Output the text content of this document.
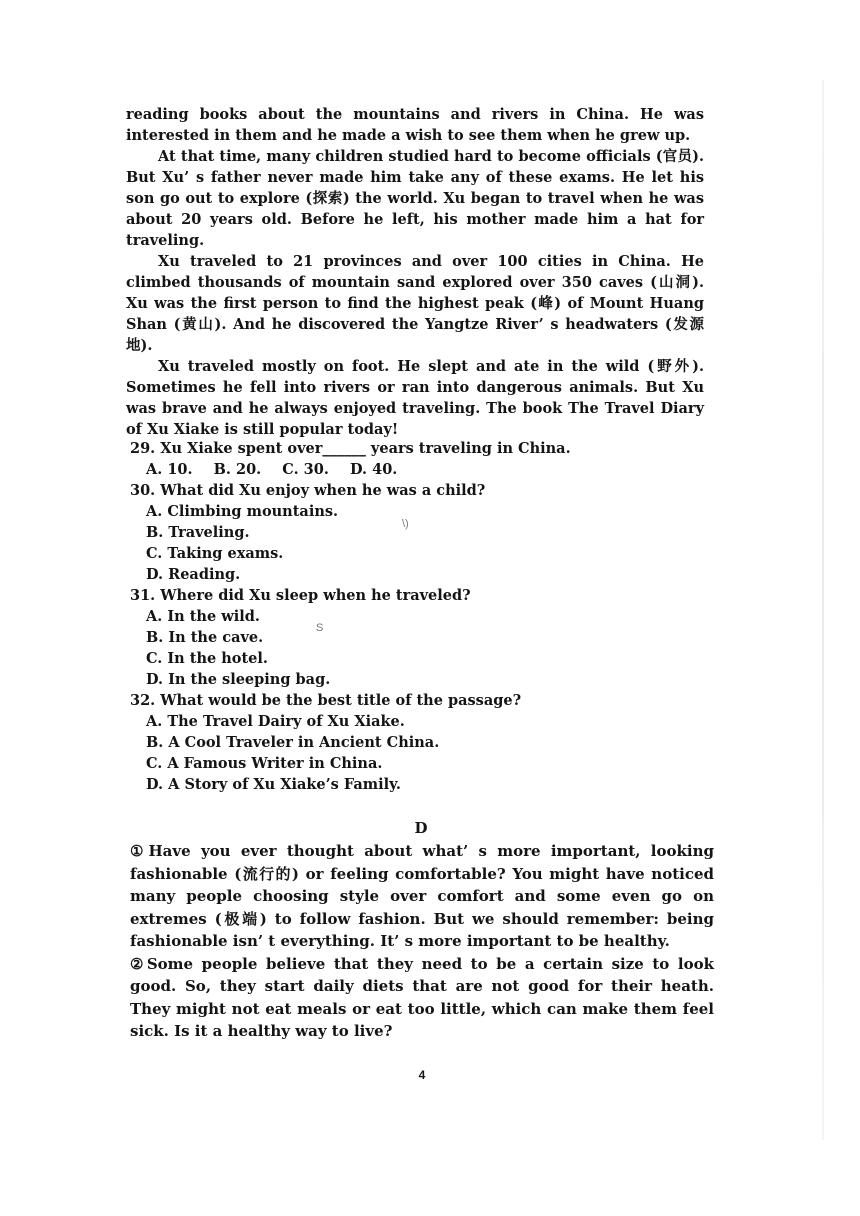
reading books about the mountains and rivers in China. He was interested in them and he made a wish to see them when he grew up.

At that time, many children studied hard to become officials (官员). But Xu’ s father never made him take any of these exams. He let his son go out to explore (探索) the world. Xu began to travel when he was about 20 years old. Before he left, his mother made him a hat for traveling.

Xu traveled to 21 provinces and over 100 cities in China. He climbed thousands of mountain sand explored over 350 caves (山洞). Xu was the first person to find the highest peak (峰) of Mount Huang Shan (黄山). And he discovered the Yangtze River’ s headwaters (发源地).

Xu traveled mostly on foot. He slept and ate in the wild (野外). Sometimes he fell into rivers or ran into dangerous animals. But Xu was brave and he always enjoyed traveling. The book The Travel Diary of Xu Xiake is still popular today!

29. Xu Xiake spent over______ years traveling in China.

A. 10. B. 20. C. 30. D. 40.

30. What did Xu enjoy when he was a child?

A. Climbing mountains.

B. Traveling.

C. Taking exams.

D. Reading.

31. Where did Xu sleep when he traveled?

A. In the wild.

B. In the cave.

C. In the hotel.

D. In the sleeping bag.

32. What would be the best title of the passage?

A. The Travel Dairy of Xu Xiake.

B. A Cool Traveler in Ancient China.

C. A Famous Writer in China.

D. A Story of Xu Xiake’s Family.

\)
S
D

①Have you ever thought about what’ s more important, looking fashionable (流行的) or feeling comfortable? You might have noticed many people choosing style over comfort and some even go on extremes (极端) to follow fashion. But we should remember: being fashionable isn’ t everything. It’ s more important to be healthy.

②Some people believe that they need to be a certain size to look good. So, they start daily diets that are not good for their heath. They might not eat meals or eat too little, which can make them feel sick. Is it a healthy way to live?

4
